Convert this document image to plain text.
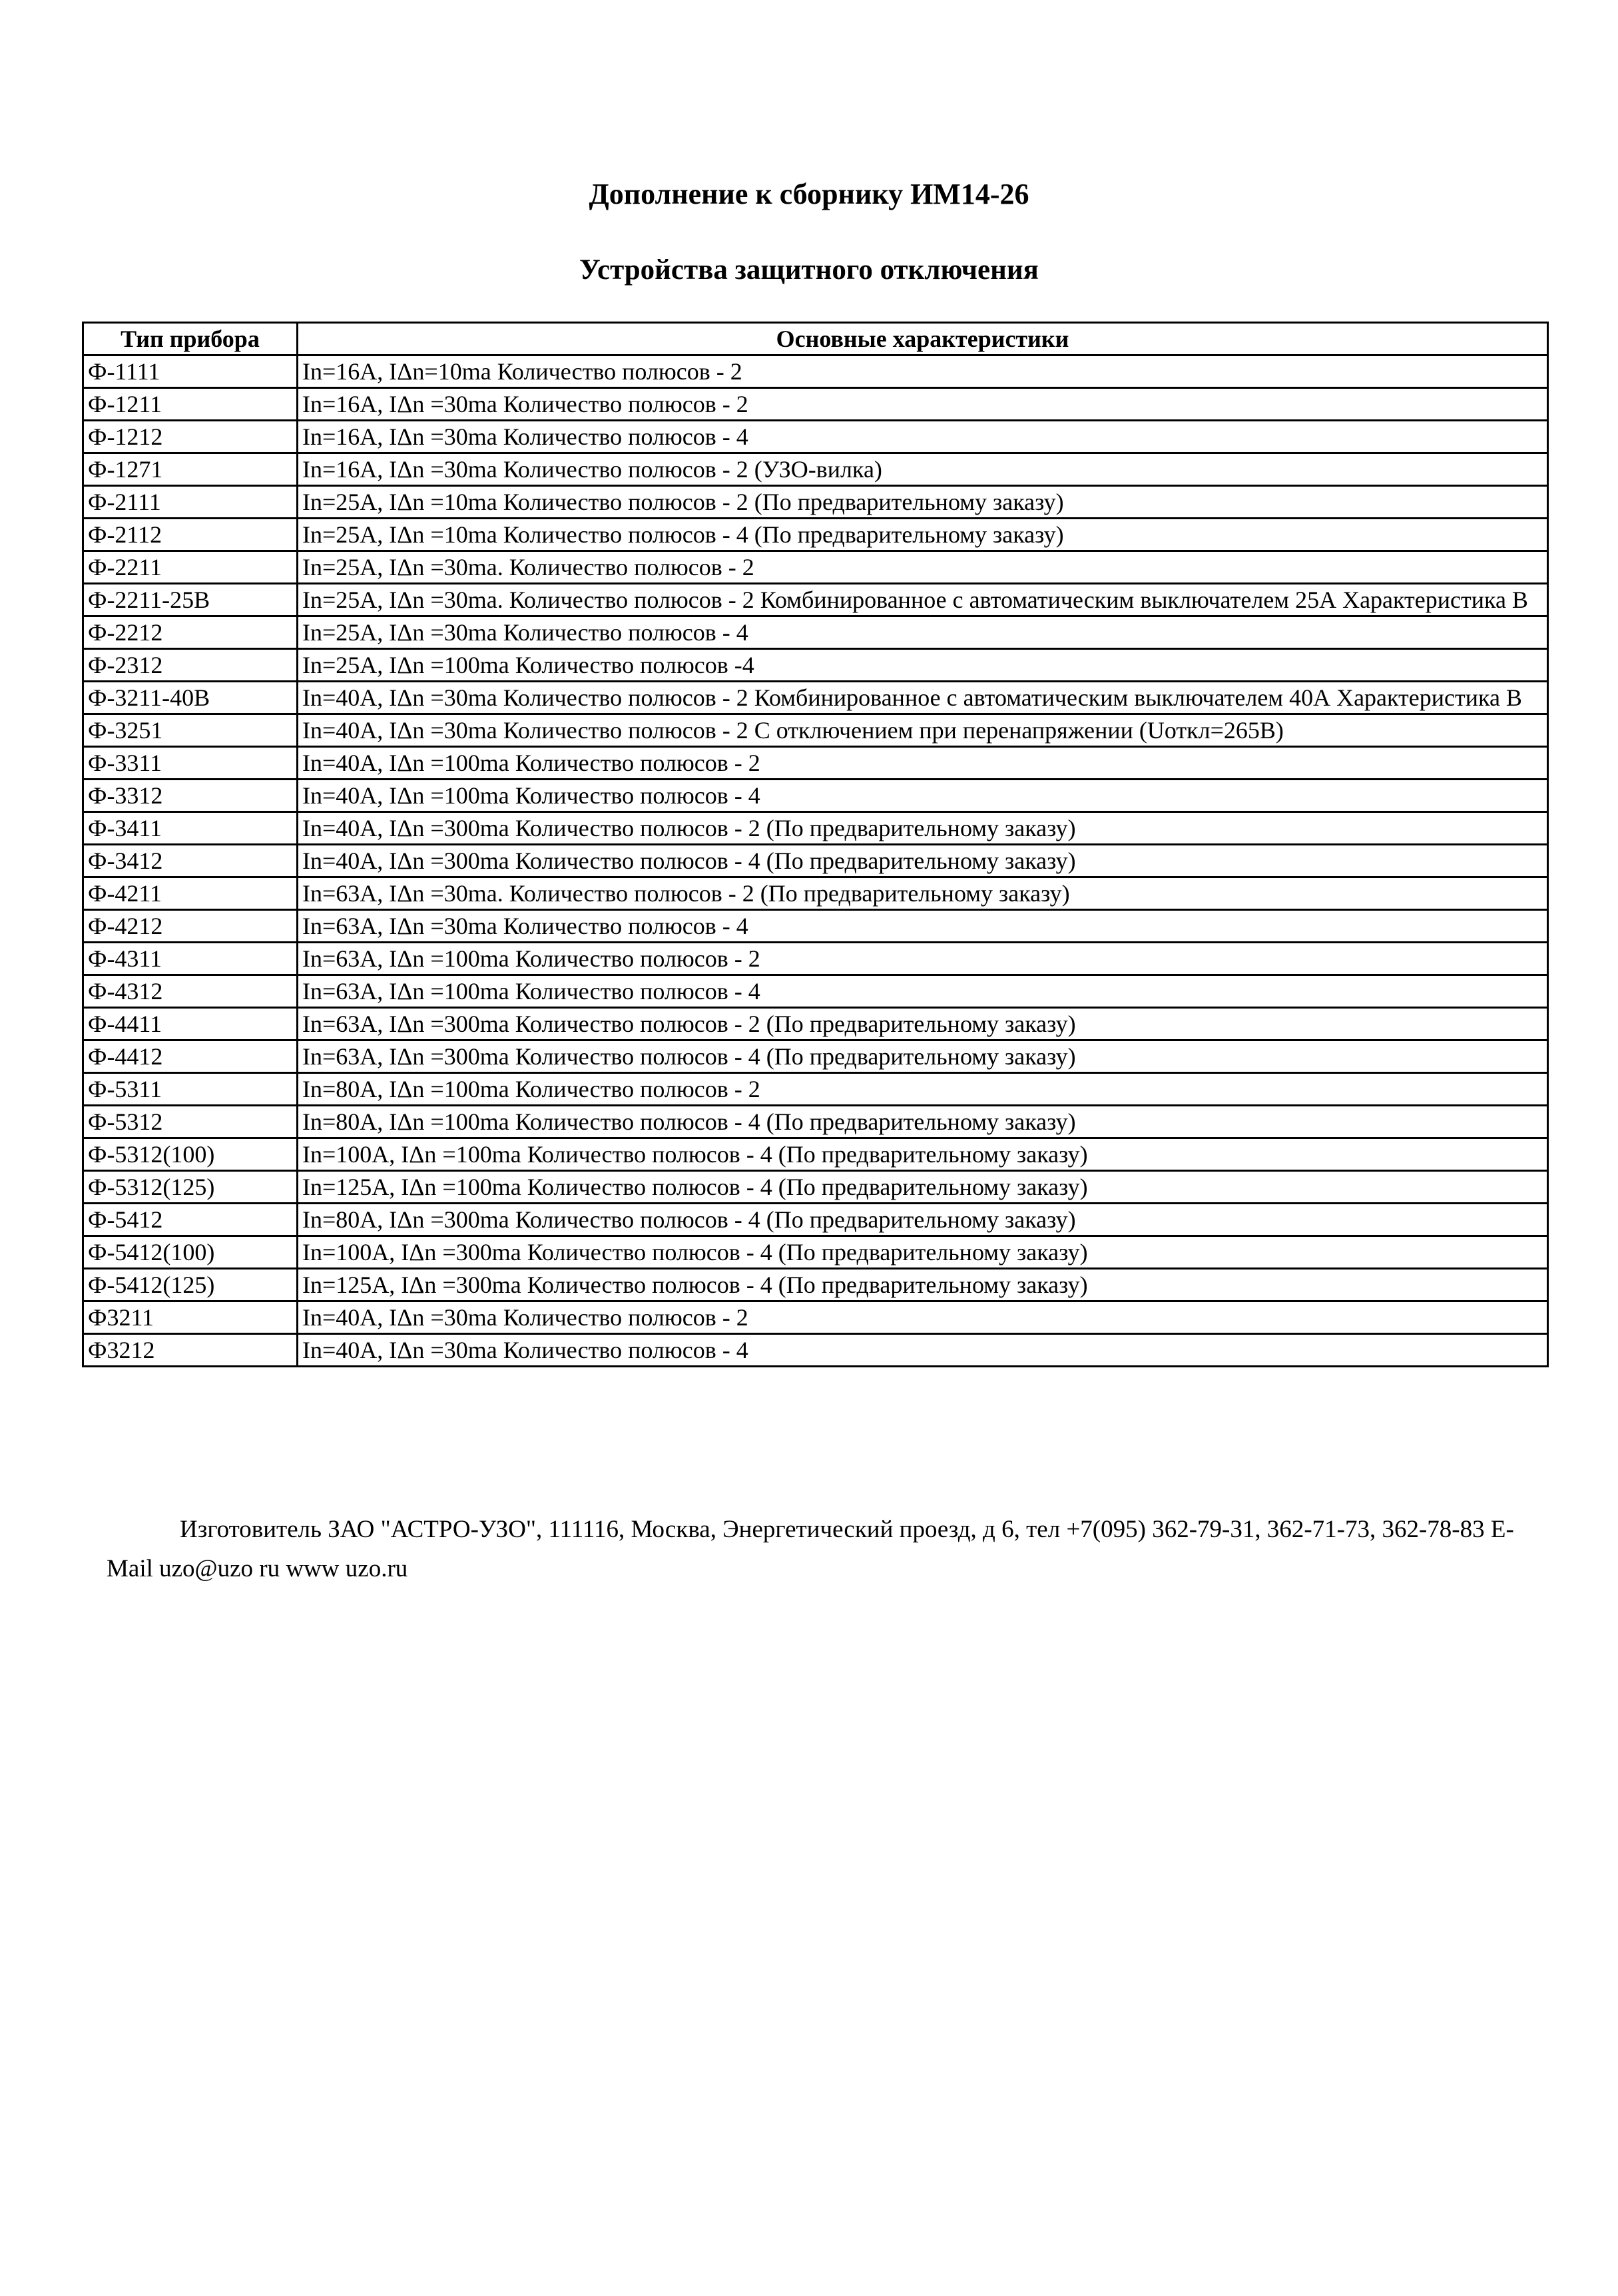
Дополнение к сборнику ИМ14-26
Устройства защитного отключения
Тип прибора	Основные характеристики
Ф-1111	In=16A, IΔn=10ma Количество полюсов - 2
Ф-1211	In=16A, IΔn =30ma Количество полюсов - 2
Ф-1212	In=16A, IΔn =30ma Количество полюсов - 4
Ф-1271	In=16A, IΔn =30ma Количество полюсов - 2 (УЗО-вилка)
Ф-2111	In=25A, IΔn =10ma Количество полюсов - 2 (По предварительному заказу)
Ф-2112	In=25A, IΔn =10ma Количество полюсов - 4 (По предварительному заказу)
Ф-2211	In=25A, IΔn =30ma. Количество полюсов - 2
Ф-2211-25B	In=25A, IΔn =30ma. Количество полюсов - 2 Комбинированное с автоматическим выключателем 25А Характеристика В
Ф-2212	In=25A, IΔn =30ma Количество полюсов - 4
Ф-2312	In=25A, IΔn =100ma Количество полюсов -4
Ф-3211-40B	In=40A, IΔn =30ma Количество полюсов - 2 Комбинированное с автоматическим выключателем 40А Характеристика В
Ф-3251	In=40A, IΔn =30ma Количество полюсов - 2 С отключением при перенапряжении (Uоткл=265В)
Ф-3311	In=40A, IΔn =100ma Количество полюсов - 2
Ф-3312	In=40A, IΔn =100ma Количество полюсов - 4
Ф-3411	In=40A, IΔn =300ma Количество полюсов - 2 (По предварительному заказу)
Ф-3412	In=40A, IΔn =300ma Количество полюсов - 4 (По предварительному заказу)
Ф-4211	In=63A, IΔn =30ma. Количество полюсов - 2 (По предварительному заказу)
Ф-4212	In=63A, IΔn =30ma Количество полюсов - 4
Ф-4311	In=63A, IΔn =100ma Количество полюсов - 2
Ф-4312	In=63A, IΔn =100ma Количество полюсов - 4
Ф-4411	In=63A, IΔn =300ma Количество полюсов - 2 (По предварительному заказу)
Ф-4412	In=63A, IΔn =300ma Количество полюсов - 4 (По предварительному заказу)
Ф-5311	In=80A, IΔn =100ma Количество полюсов - 2
Ф-5312	In=80A, IΔn =100ma Количество полюсов - 4 (По предварительному заказу)
Ф-5312(100)	In=100A, IΔn =100ma Количество полюсов - 4 (По предварительному заказу)
Ф-5312(125)	In=125A, IΔn =100ma Количество полюсов - 4 (По предварительному заказу)
Ф-5412	In=80A, IΔn =300ma Количество полюсов - 4 (По предварительному заказу)
Ф-5412(100)	In=100A, IΔn =300ma Количество полюсов - 4 (По предварительному заказу)
Ф-5412(125)	In=125A, IΔn =300ma Количество полюсов - 4 (По предварительному заказу)
Ф3211	In=40A, IΔn =30ma Количество полюсов - 2
Ф3212	In=40A, IΔn =30ma Количество полюсов - 4
Изготовитель ЗАО "АСТРО-УЗО", 111116, Москва, Энергетический проезд, д 6, тел +7(095) 362-79-31, 362-71-73, 362-78-83 E-Mail uzo@uzo ru www uzo.ru
